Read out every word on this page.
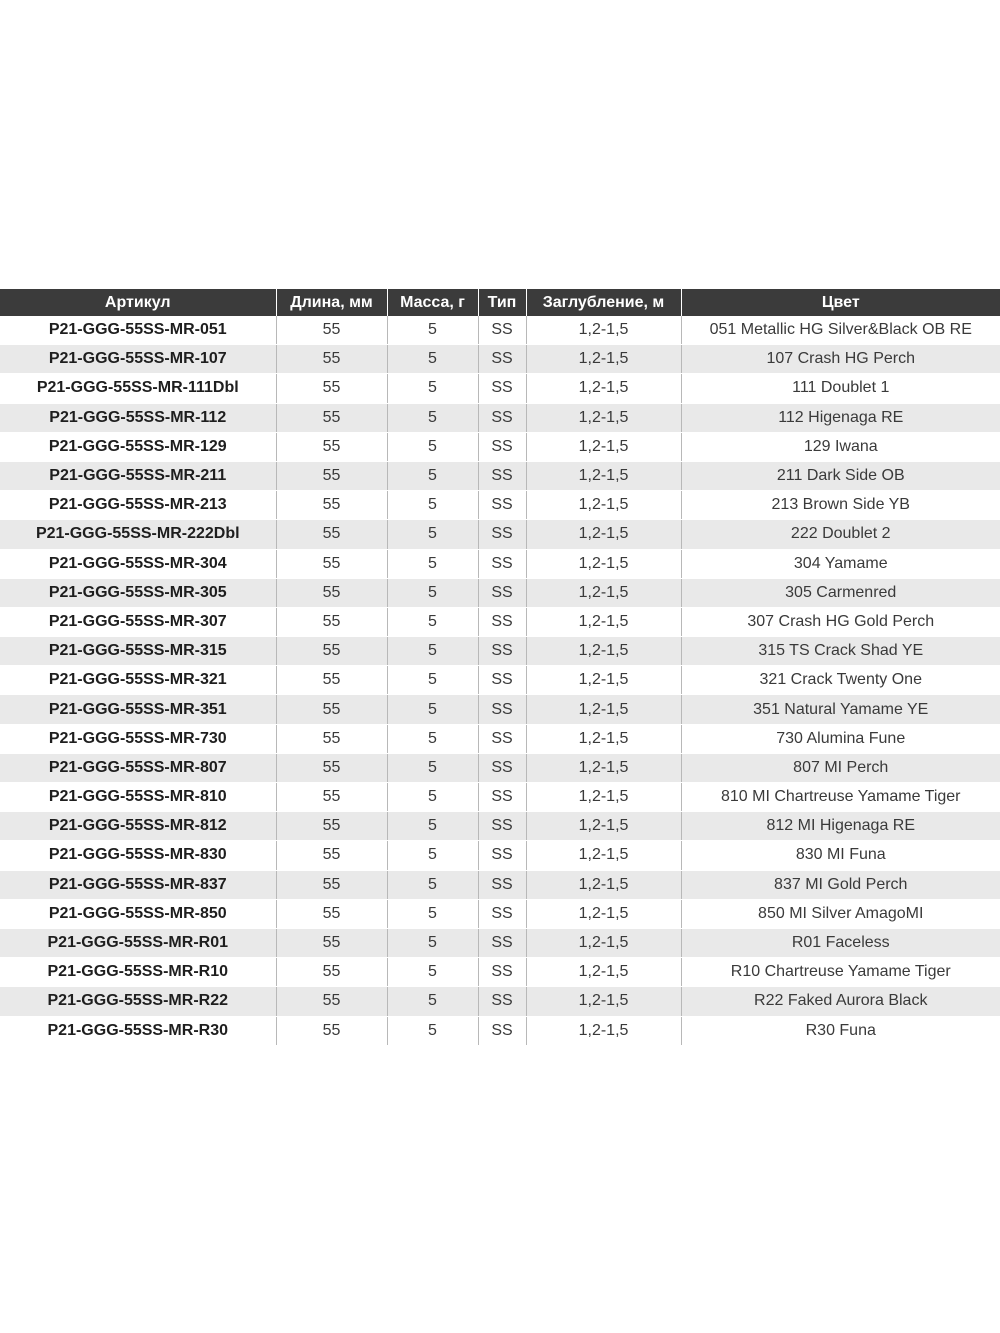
Артикул	Длина, мм	Масса, г	Тип	Заглубление, м	Цвет
P21-GGG-55SS-MR-051	55	5	SS	1,2-1,5	051 Metallic HG Silver&Black OB RE
P21-GGG-55SS-MR-107	55	5	SS	1,2-1,5	107 Crash HG Perch
P21-GGG-55SS-MR-111Dbl	55	5	SS	1,2-1,5	111 Doublet 1
P21-GGG-55SS-MR-112	55	5	SS	1,2-1,5	112 Higenaga RE
P21-GGG-55SS-MR-129	55	5	SS	1,2-1,5	129 Iwana
P21-GGG-55SS-MR-211	55	5	SS	1,2-1,5	211 Dark Side OB
P21-GGG-55SS-MR-213	55	5	SS	1,2-1,5	213 Brown Side YB
P21-GGG-55SS-MR-222Dbl	55	5	SS	1,2-1,5	222 Doublet 2
P21-GGG-55SS-MR-304	55	5	SS	1,2-1,5	304 Yamame
P21-GGG-55SS-MR-305	55	5	SS	1,2-1,5	305 Carmenred
P21-GGG-55SS-MR-307	55	5	SS	1,2-1,5	307 Crash HG Gold Perch
P21-GGG-55SS-MR-315	55	5	SS	1,2-1,5	315 TS Crack Shad YE
P21-GGG-55SS-MR-321	55	5	SS	1,2-1,5	321 Crack Twenty One
P21-GGG-55SS-MR-351	55	5	SS	1,2-1,5	351 Natural Yamame YE
P21-GGG-55SS-MR-730	55	5	SS	1,2-1,5	730 Alumina Fune
P21-GGG-55SS-MR-807	55	5	SS	1,2-1,5	807 MI Perch
P21-GGG-55SS-MR-810	55	5	SS	1,2-1,5	810 MI Chartreuse Yamame Tiger
P21-GGG-55SS-MR-812	55	5	SS	1,2-1,5	812 MI Higenaga RE
P21-GGG-55SS-MR-830	55	5	SS	1,2-1,5	830 MI Funa
P21-GGG-55SS-MR-837	55	5	SS	1,2-1,5	837 MI Gold Perch
P21-GGG-55SS-MR-850	55	5	SS	1,2-1,5	850 MI Silver AmagoMI
P21-GGG-55SS-MR-R01	55	5	SS	1,2-1,5	R01 Faceless
P21-GGG-55SS-MR-R10	55	5	SS	1,2-1,5	R10 Chartreuse Yamame Tiger
P21-GGG-55SS-MR-R22	55	5	SS	1,2-1,5	R22 Faked Aurora Black
P21-GGG-55SS-MR-R30	55	5	SS	1,2-1,5	R30 Funa
